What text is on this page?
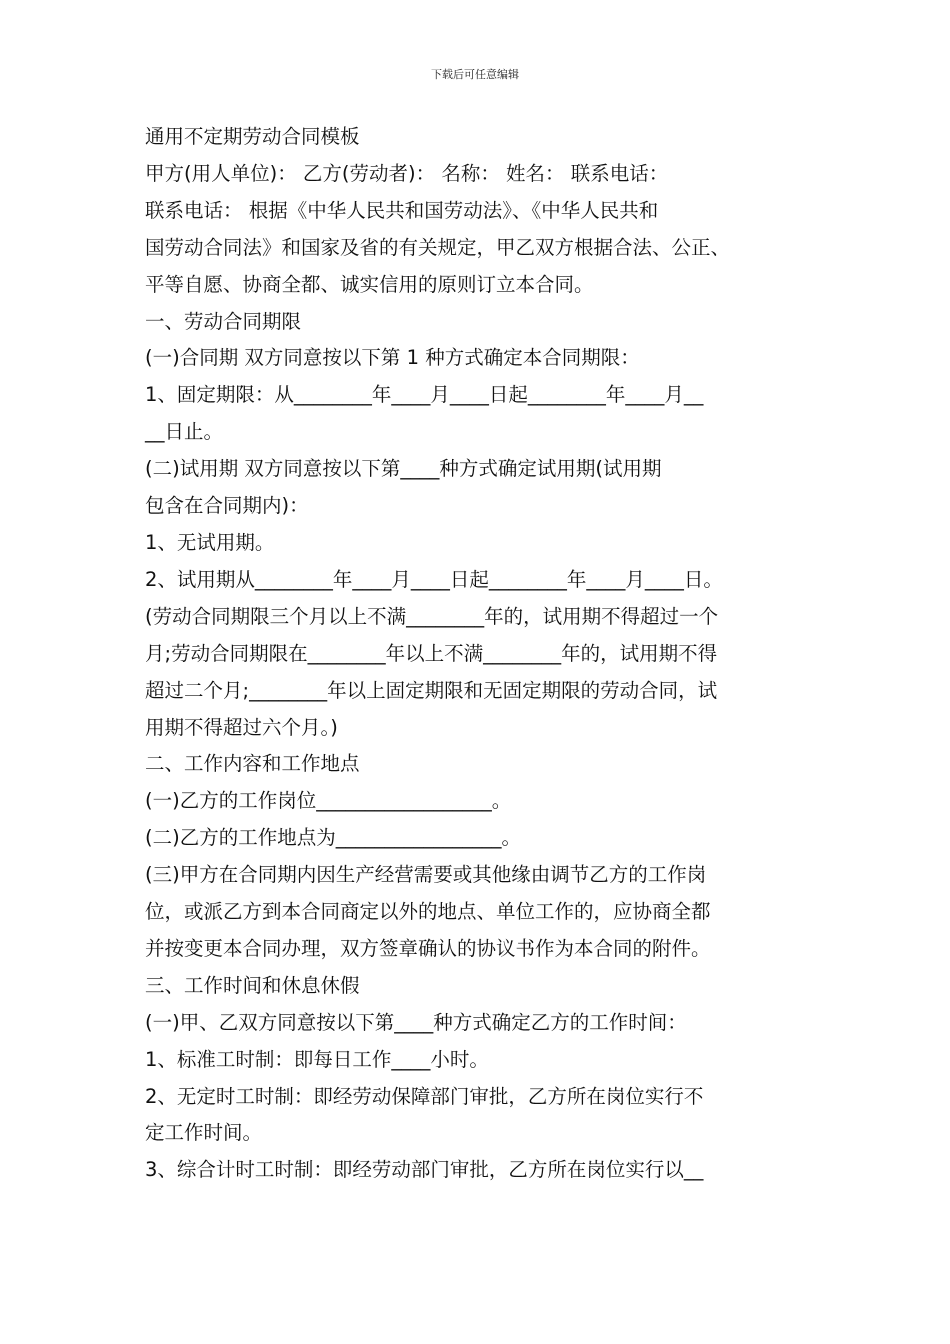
下载后可任意编辑
通用不定期劳动合同模板
甲方(用人单位)： 乙方(劳动者)： 名称： 姓名： 联系电话：
联系电话： 根据《中华人民共和国劳动法》、《中华人民共和
国劳动合同法》和国家及省的有关规定，甲乙双方根据合法、公正、
平等自愿、协商全都、诚实信用的原则订立本合同。
一、劳动合同期限
(一)合同期 双方同意按以下第 1 种方式确定本合同期限：
1、固定期限：从________年____月____日起________年____月__
__日止。
(二)试用期 双方同意按以下第____种方式确定试用期(试用期
包含在合同期内)：
1、无试用期。
2、试用期从________年____月____日起________年____月____日。
(劳动合同期限三个月以上不满________年的，试用期不得超过一个
月;劳动合同期限在________年以上不满________年的，试用期不得
超过二个月;________年以上固定期限和无固定期限的劳动合同，试
用期不得超过六个月。)
二、工作内容和工作地点
(一)乙方的工作岗位__________________。
(二)乙方的工作地点为_________________。
(三)甲方在合同期内因生产经营需要或其他缘由调节乙方的工作岗
位，或派乙方到本合同商定以外的地点、单位工作的，应协商全都
并按变更本合同办理，双方签章确认的协议书作为本合同的附件。
三、工作时间和休息休假
(一)甲、乙双方同意按以下第____种方式确定乙方的工作时间：
1、标准工时制：即每日工作____小时。
2、无定时工时制：即经劳动保障部门审批，乙方所在岗位实行不
定工作时间。
3、综合计时工时制：即经劳动部门审批，乙方所在岗位实行以__
